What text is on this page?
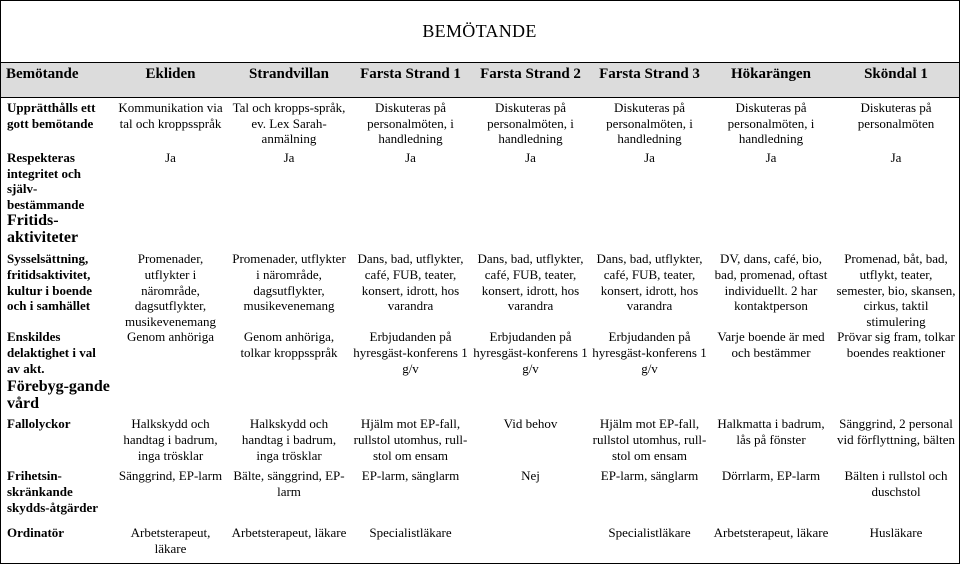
BEMÖTANDE
Bemötande	Ekliden	Strandvillan	Farsta Strand 1	Farsta Strand 2	Farsta Strand 3	Hökarängen	Sköndal 1
Upprätthålls ett gott bemötande	Kommunikation via tal och kroppsspråk	Tal och kropps-språk, ev. Lex Sarah-anmälning	Diskuteras på personalmöten, i handledning	Diskuteras på personalmöten, i handledning	Diskuteras på personalmöten, i handledning	Diskuteras på personalmöten, i handledning	Diskuteras på personalmöten
Respekteras integritet och själv-bestämmande	Ja	Ja	Ja	Ja	Ja	Ja	Ja
Fritids-aktiviteter							
Sysselsättning, fritidsaktivitet, kultur i boende och i samhället	Promenader, utflykter i närområde, dagsutflykter, musikevenemang	Promenader, utflykter i närområde, dagsutflykter, musikevenemang	Dans, bad, utflykter, café, FUB, teater, konsert, idrott, hos varandra	Dans, bad, utflykter, café, FUB, teater, konsert, idrott, hos varandra	Dans, bad, utflykter, café, FUB, teater, konsert, idrott, hos varandra	DV, dans, café, bio, bad, promenad, oftast individuellt. 2 har kontaktperson	Promenad, båt, bad, utflykt, teater, semester, bio, skansen, cirkus, taktil stimulering
Enskildes delaktighet i val av akt.	Genom anhöriga	Genom anhöriga, tolkar kroppsspråk	Erbjudanden på hyresgäst-konferens 1 g/v	Erbjudanden på hyresgäst-konferens 1 g/v	Erbjudanden på hyresgäst-konferens 1 g/v	Varje boende är med och bestämmer	Prövar sig fram, tolkar boendes reaktioner
Förebyg-gande vård							
Fallolyckor	Halkskydd och handtag i badrum, inga trösklar	Halkskydd och handtag i badrum, inga trösklar	Hjälm mot EP-fall, rullstol utomhus, rull-stol om ensam	Vid behov	Hjälm mot EP-fall, rullstol utomhus, rull-stol om ensam	Halkmatta i badrum, lås på fönster	Sänggrind, 2 personal vid förflyttning, bälten
Frihetsin-skränkande skydds-åtgärder	Sänggrind, EP-larm	Bälte, sänggrind, EP-larm	EP-larm, sänglarm	Nej	EP-larm, sänglarm	Dörrlarm, EP-larm	Bälten i rullstol och duschstol
Ordinatör	Arbetsterapeut, läkare	Arbetsterapeut, läkare	Specialistläkare		Specialistläkare	Arbetsterapeut, läkare	Husläkare
